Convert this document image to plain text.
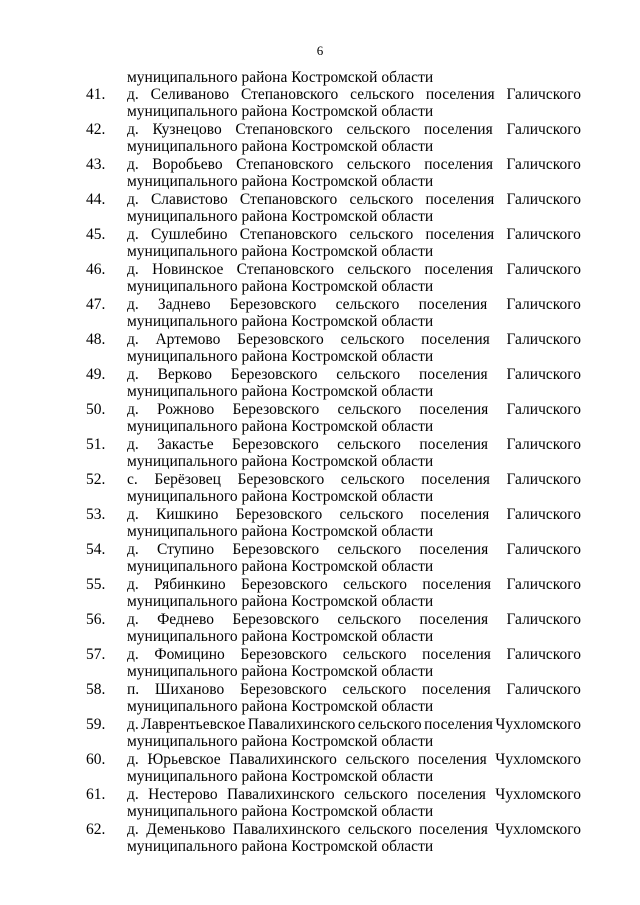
6
муниципального района Костромской области
41.	д. Селиваново Степановского сельского поселения Галичского
муниципального района Костромской области
42.	д. Кузнецово Степановского сельского поселения Галичского
муниципального района Костромской области
43.	д. Воробьево Степановского сельского поселения Галичского
муниципального района Костромской области
44.	д. Славистово Степановского сельского поселения Галичского
муниципального района Костромской области
45.	д. Сушлебино Степановского сельского поселения Галичского
муниципального района Костромской области
46.	д. Новинское Степановского сельского поселения Галичского
муниципального района Костромской области
47.	д. Заднево Березовского сельского поселения Галичского
муниципального района Костромской области
48.	д. Артемово Березовского сельского поселения Галичского
муниципального района Костромской области
49.	д. Верково Березовского сельского поселения Галичского
муниципального района Костромской области
50.	д. Рожново Березовского сельского поселения Галичского
муниципального района Костромской области
51.	д. Закастье Березовского сельского поселения Галичского
муниципального района Костромской области
52.	с. Берёзовец Березовского сельского поселения Галичского
муниципального района Костромской области
53.	д. Кишкино Березовского сельского поселения Галичского
муниципального района Костромской области
54.	д. Ступино Березовского сельского поселения Галичского
муниципального района Костромской области
55.	д. Рябинкино Березовского сельского поселения Галичского
муниципального района Костромской области
56.	д. Феднево Березовского сельского поселения Галичского
муниципального района Костромской области
57.	д. Фомицино Березовского сельского поселения Галичского
муниципального района Костромской области
58.	п. Шиханово Березовского сельского поселения Галичского
муниципального района Костромской области
59.	д. Лаврентьевское Павалихинского сельского поселения Чухломского
муниципального района Костромской области
60.	д. Юрьевское Павалихинского сельского поселения Чухломского
муниципального района Костромской области
61.	д. Нестерово Павалихинского сельского поселения Чухломского
муниципального района Костромской области
62.	д. Деменьково Павалихинского сельского поселения Чухломского
муниципального района Костромской области
